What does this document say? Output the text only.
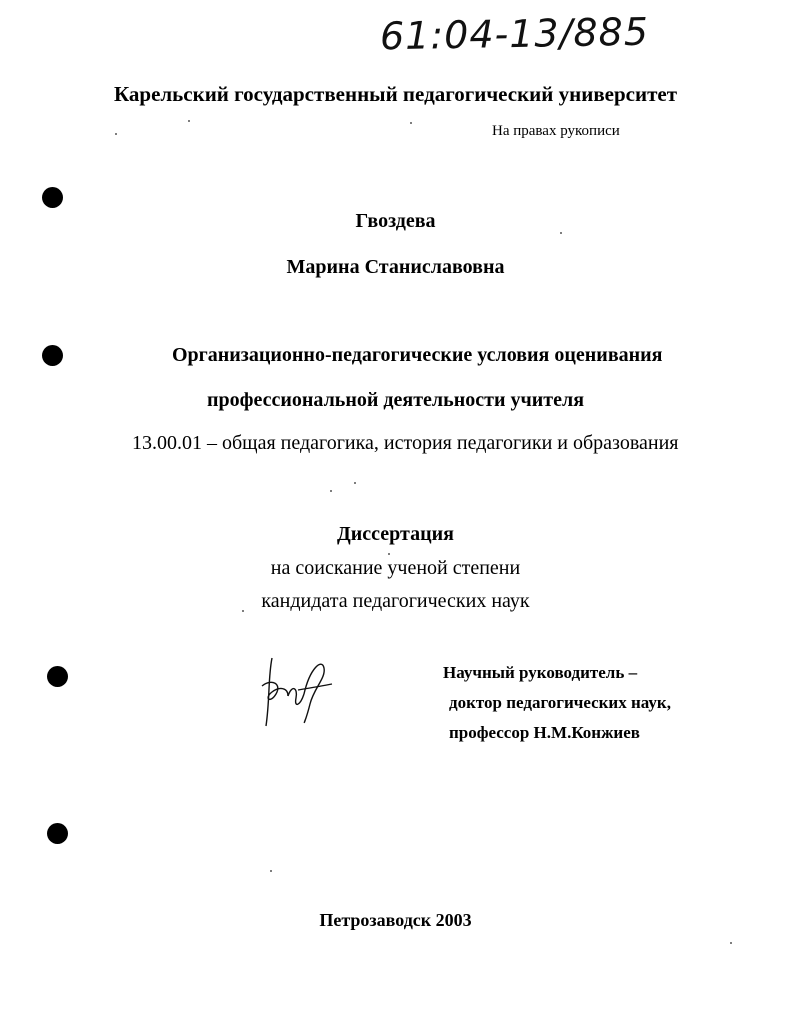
61:04-13/885
Карельский государственный педагогический университет
На правах рукописи
Гвоздева
Марина Станиславовна
Организационно-педагогические условия оценивания
профессиональной деятельности учителя
13.00.01 – общая педагогика, история педагогики и образования
Диссертация
на соискание ученой степени
кандидата педагогических наук
Научный руководитель –
доктор педагогических наук,
профессор Н.М.Конжиев
Петрозаводск 2003
